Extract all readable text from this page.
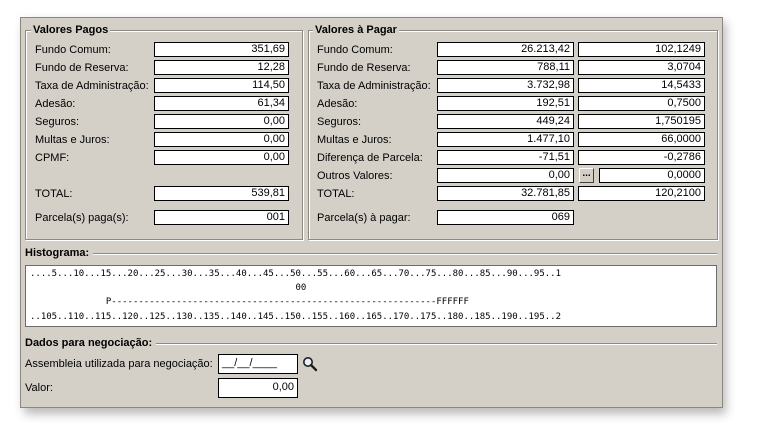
Valores Pagos
Fundo Comum:	351,69
Fundo de Reserva:	12,28
Taxa de Administração:	114,50
Adesão:	61,34
Seguros:	0,00
Multas e Juros:	0,00
CPMF:	0,00
TOTAL:	539,81
Parcela(s) paga(s):	001
Valores à Pagar
Fundo Comum:	26.213,42	102,1249
Fundo de Reserva:	788,11	3,0704
Taxa de Administração:	3.732,98	14,5433
Adesão:	192,51	0,7500
Seguros:	449,24	1,750195
Multas e Juros:	1.477,10	66,0000
Diferença de Parcela:	-71,51	-0,2786
Outros Valores:	0,00	0,0000
...
TOTAL:	32.781,85	120,2100
Parcela(s) à pagar:	069
Histograma:

....5...10...15...20...25...30...35...40...45...50...55...60...65...70...75...80...85...90...95..1

00

P------------------------------------------------------------FFFFFF

..105..110..115..120..125..130..135..140..145..150..155..160..165..170..175..180..185..190..195..2

Dados para negociação:
Assembleia utilizada para negociação: __/__/____
Valor:	0,00
